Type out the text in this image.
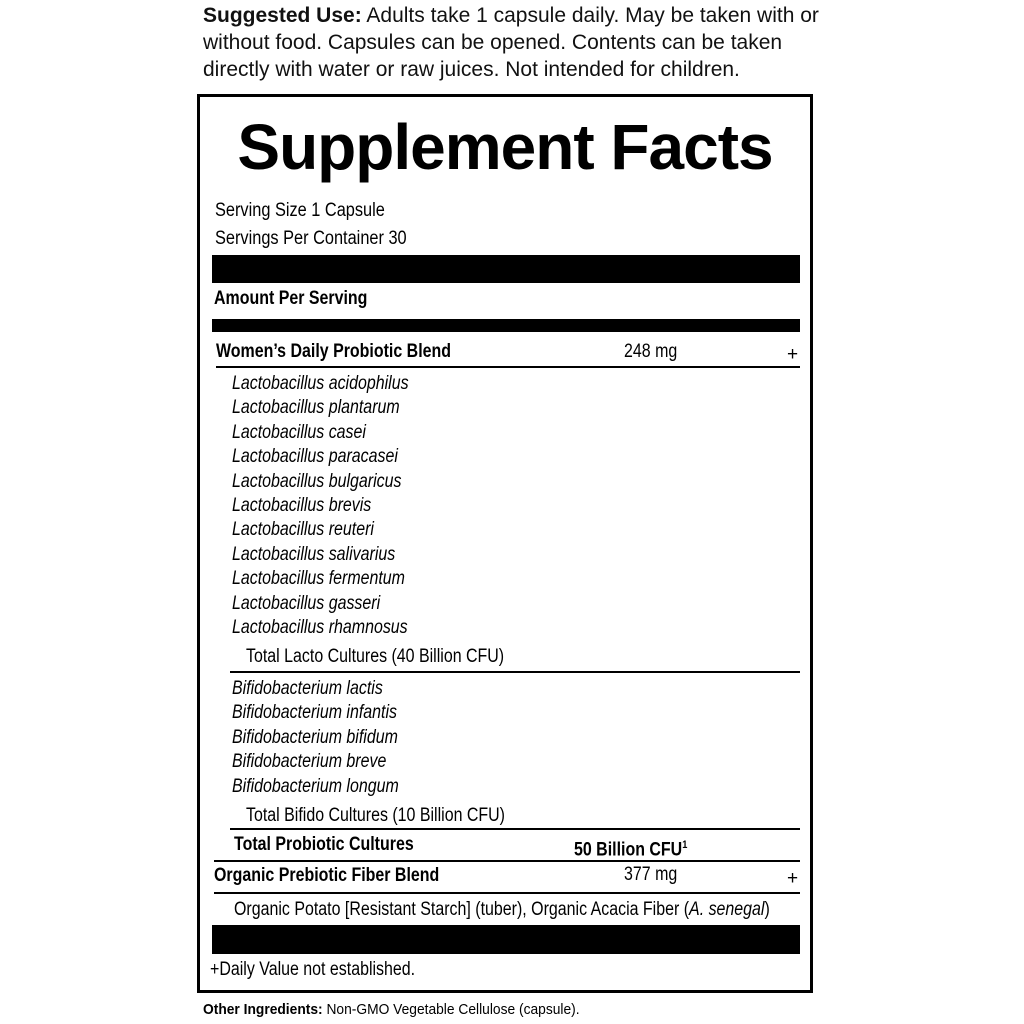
Suggested Use: Adults take 1 capsule daily. May be taken with or without food. Capsules can be opened. Contents can be taken directly with water or raw juices. Not intended for children.
Supplement Facts
Serving Size 1 Capsule
Servings Per Container 30
Amount Per Serving
Women’s Daily Probiotic Blend	248 mg	+
Lactobacillus acidophilus
Lactobacillus plantarum
Lactobacillus casei
Lactobacillus paracasei
Lactobacillus bulgaricus
Lactobacillus brevis
Lactobacillus reuteri
Lactobacillus salivarius
Lactobacillus fermentum
Lactobacillus gasseri
Lactobacillus rhamnosus
Total Lacto Cultures (40 Billion CFU)
Bifidobacterium lactis
Bifidobacterium infantis
Bifidobacterium bifidum
Bifidobacterium breve
Bifidobacterium longum
Total Bifido Cultures (10 Billion CFU)
Total Probiotic Cultures	50 Billion CFU$^1$
Organic Prebiotic Fiber Blend	377 mg	+
Organic Potato [Resistant Starch] (tuber), Organic Acacia Fiber (A. senegal)
+Daily Value not established.
Other Ingredients: Non-GMO Vegetable Cellulose (capsule).
